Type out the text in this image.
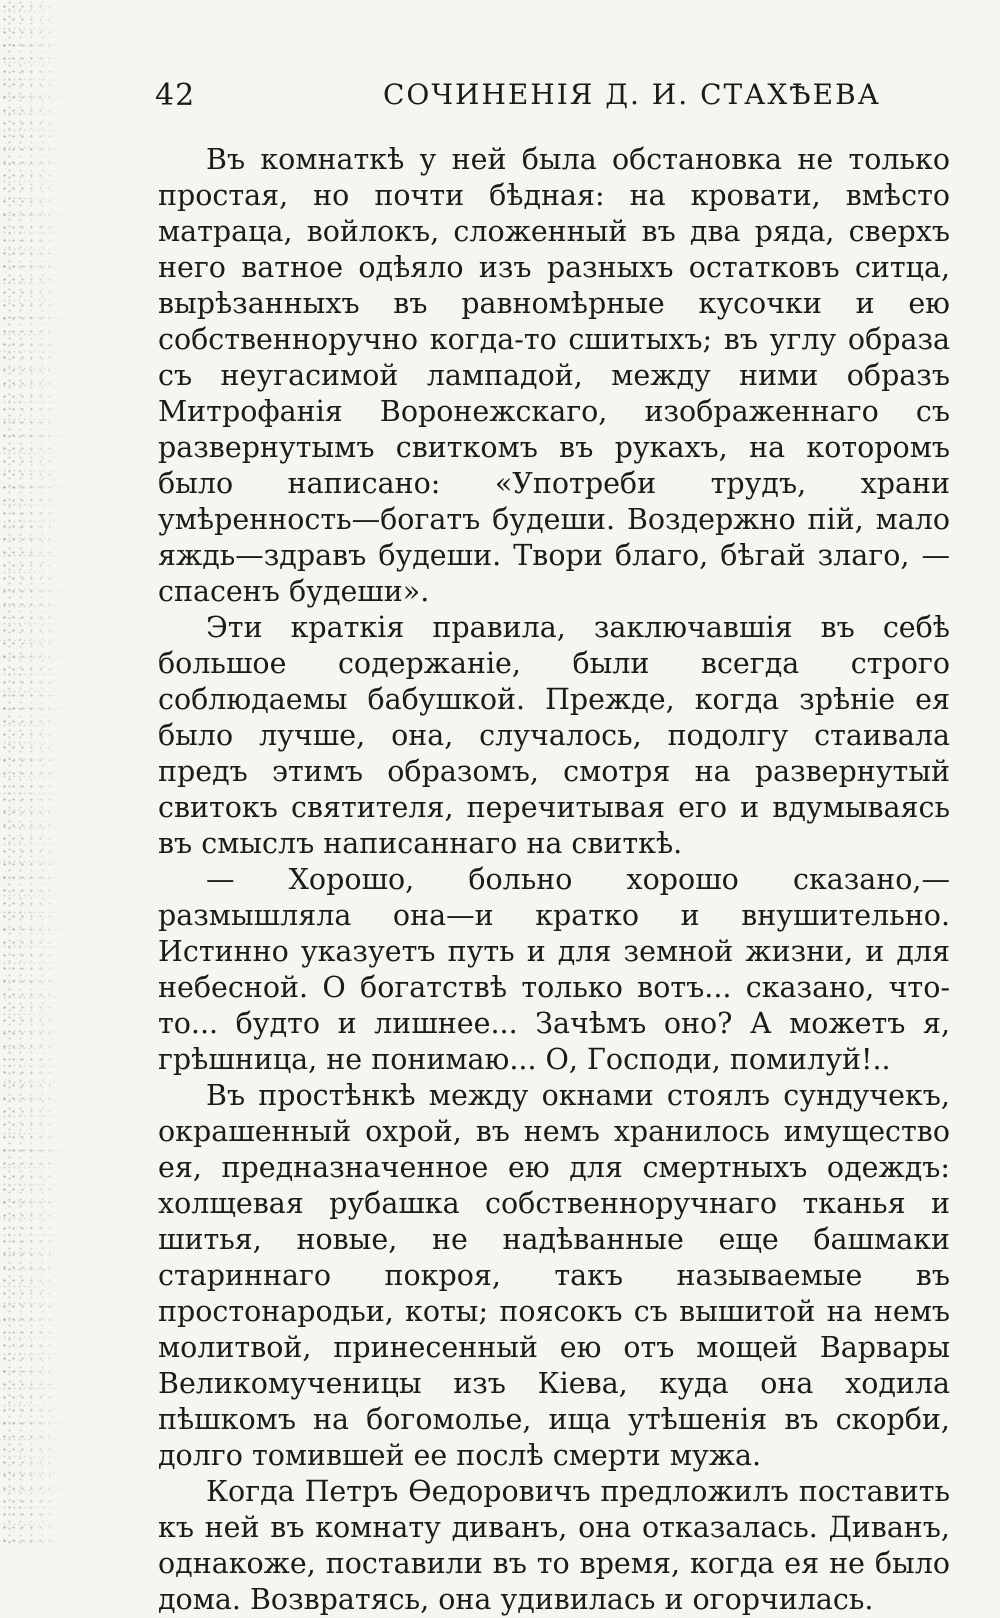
42	СОЧИНЕНІЯ Д. И. СТАХѢЕВА

Въ комнаткѣ у ней была обстановка не только простая, но почти бѣдная: на кровати, вмѣсто матраца, войлокъ, сложенный въ два ряда, сверхъ него ватное одѣяло изъ разныхъ остатковъ ситца, вырѣзанныхъ въ равномѣрные кусочки и ею собственноручно когда-то сшитыхъ; въ углу образа съ неугасимой лампадой, между ними образъ Митрофанія Воронежскаго, изображеннаго съ развернутымъ свиткомъ въ рукахъ, на которомъ было написано: «Употреби трудъ, храни умѣренность—богатъ будеши. Воздержно пій, мало яждь—здравъ будеши. Твори благо, бѣгай злаго, — спасенъ будеши».

Эти краткія правила, заключавшія въ себѣ большое содержаніе, были всегда строго соблюдаемы бабушкой. Прежде, когда зрѣніе ея было лучше, она, случалось, подолгу стаивала предъ этимъ образомъ, смотря на развернутый свитокъ святителя, перечитывая его и вдумываясь въ смыслъ написаннаго на свиткѣ.

— Хорошо, больно хорошо сказано,—размышляла она—и кратко и внушительно. Истинно указуетъ путь и для земной жизни, и для небесной. О богатствѣ только вотъ... сказано, что-то... будто и лишнее... Зачѣмъ оно? А можетъ я, грѣшница, не понимаю... О, Господи, помилуй!..

Въ простѣнкѣ между окнами стоялъ сундучекъ, окрашенный охрой, въ немъ хранилось имущество ея, предназначенное ею для смертныхъ одеждъ: холщевая рубашка собственноручнаго тканья и шитья, новые, не надѣванные еще башмаки стариннаго покроя, такъ называемые въ простонародьи, коты; поясокъ съ вышитой на немъ молитвой, принесенный ею отъ мощей Варвары Великомученицы изъ Кіева, куда она ходила пѣшкомъ на богомолье, ища утѣшенія въ скорби, долго томившей ее послѣ смерти мужа.

Когда Петръ Ѳедоровичъ предложилъ поставить къ ней въ комнату диванъ, она отказалась. Диванъ, однакоже, поставили въ то время, когда ея не было дома. Возвратясь, она удивилась и огорчилась.
